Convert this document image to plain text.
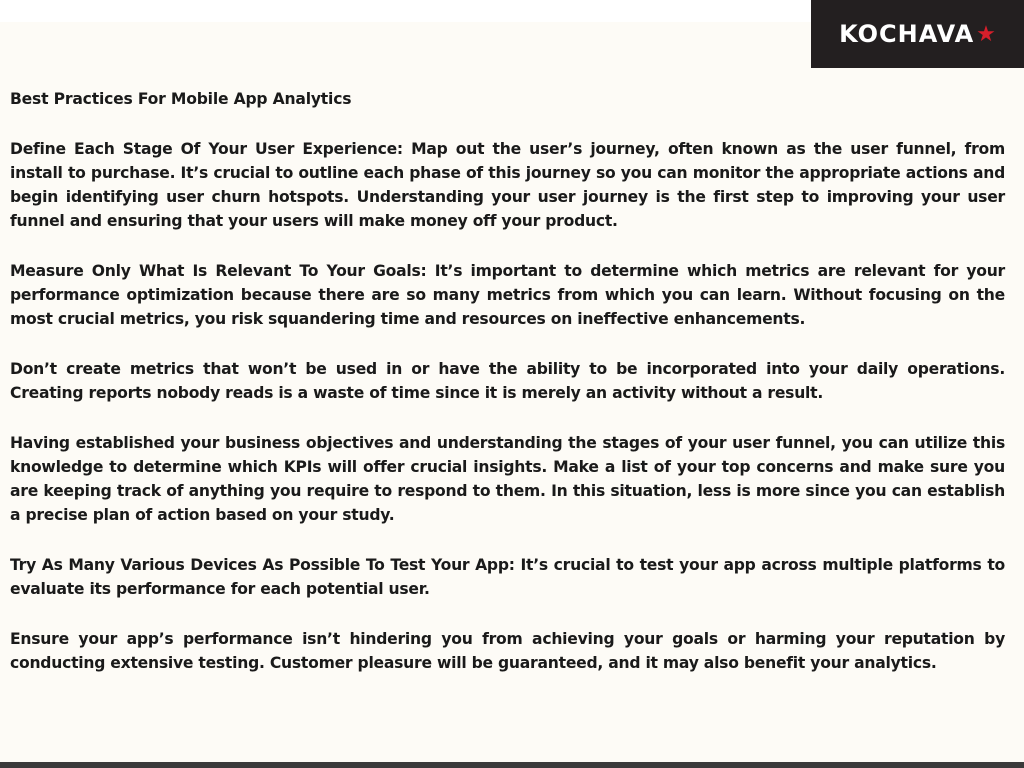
KOCHAVA ★
Best Practices For Mobile App Analytics

Define Each Stage Of Your User Experience: Map out the user’s journey, often known as the user funnel, from install to purchase. It’s crucial to outline each phase of this journey so you can monitor the appropriate actions and begin identifying user churn hotspots. Understanding your user journey is the first step to improving your user funnel and ensuring that your users will make money off your product.

Measure Only What Is Relevant To Your Goals: It’s important to determine which metrics are relevant for your performance optimization because there are so many metrics from which you can learn. Without focusing on the most crucial metrics, you risk squandering time and resources on ineffective enhancements.

Don’t create metrics that won’t be used in or have the ability to be incorporated into your daily operations. Creating reports nobody reads is a waste of time since it is merely an activity without a result.

Having established your business objectives and understanding the stages of your user funnel, you can utilize this knowledge to determine which KPIs will offer crucial insights. Make a list of your top concerns and make sure you are keeping track of anything you require to respond to them. In this situation, less is more since you can establish a precise plan of action based on your study.

Try As Many Various Devices As Possible To Test Your App: It’s crucial to test your app across multiple platforms to evaluate its performance for each potential user.

Ensure your app’s performance isn’t hindering you from achieving your goals or harming your reputation by conducting extensive testing. Customer pleasure will be guaranteed, and it may also benefit your analytics.
